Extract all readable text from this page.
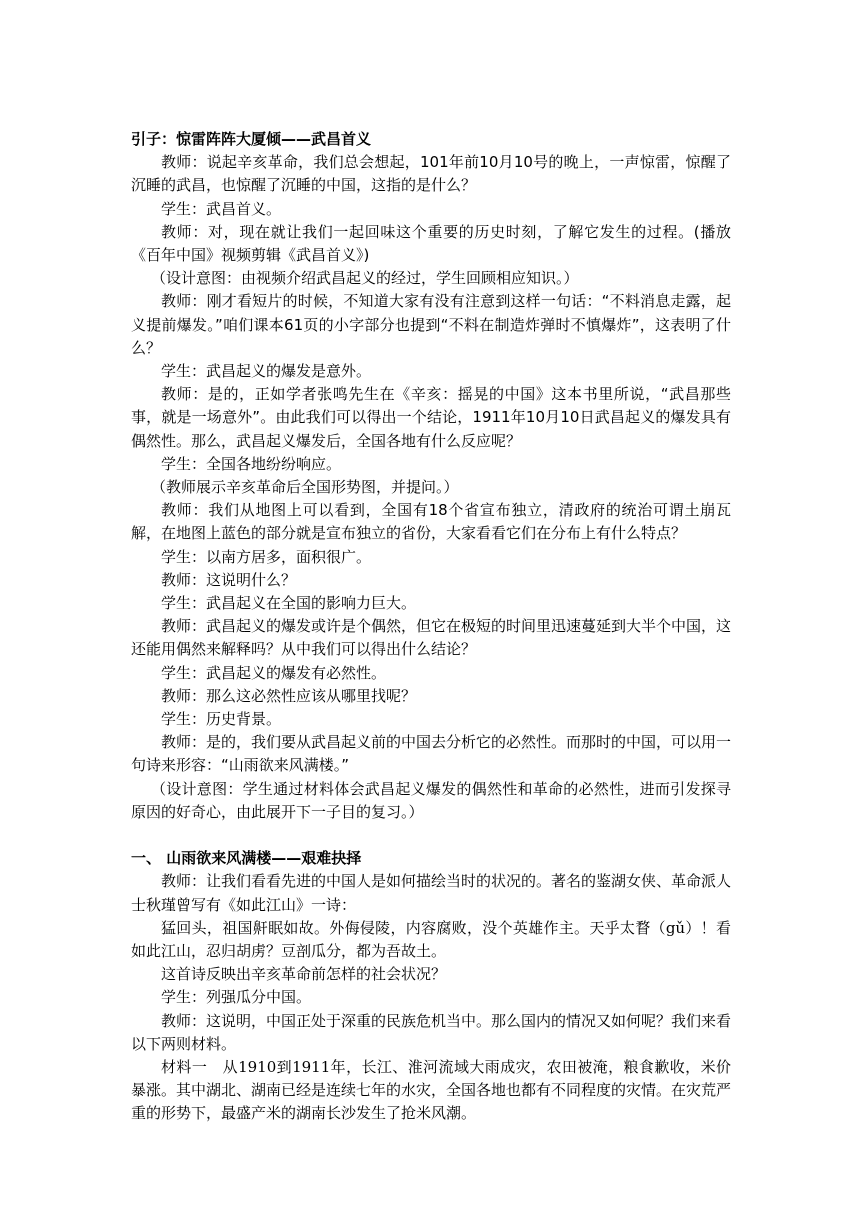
引子：惊雷阵阵大厦倾——武昌首义

教师：说起辛亥革命，我们总会想起，101年前10月10号的晚上，一声惊雷，惊醒了沉睡的武昌，也惊醒了沉睡的中国，这指的是什么？

学生：武昌首义。

教师：对，现在就让我们一起回味这个重要的历史时刻，了解它发生的过程。(播放《百年中国》视频剪辑《武昌首义》)

（设计意图：由视频介绍武昌起义的经过，学生回顾相应知识。）

教师：刚才看短片的时候，不知道大家有没有注意到这样一句话：“不料消息走露，起义提前爆发。”咱们课本61页的小字部分也提到“不料在制造炸弹时不慎爆炸”，这表明了什么？

学生：武昌起义的爆发是意外。

教师：是的，正如学者张鸣先生在《辛亥：摇晃的中国》这本书里所说，“武昌那些事，就是一场意外”。由此我们可以得出一个结论，1911年10月10日武昌起义的爆发具有偶然性。那么，武昌起义爆发后，全国各地有什么反应呢？

学生：全国各地纷纷响应。

（教师展示辛亥革命后全国形势图，并提问。）

教师：我们从地图上可以看到，全国有18个省宣布独立，清政府的统治可谓土崩瓦解，在地图上蓝色的部分就是宣布独立的省份，大家看看它们在分布上有什么特点？

学生：以南方居多，面积很广。

教师：这说明什么？

学生：武昌起义在全国的影响力巨大。

教师：武昌起义的爆发或许是个偶然，但它在极短的时间里迅速蔓延到大半个中国，这还能用偶然来解释吗？从中我们可以得出什么结论？

学生：武昌起义的爆发有必然性。

教师：那么这必然性应该从哪里找呢？

学生：历史背景。

教师：是的，我们要从武昌起义前的中国去分析它的必然性。而那时的中国，可以用一句诗来形容：“山雨欲来风满楼。”

（设计意图：学生通过材料体会武昌起义爆发的偶然性和革命的必然性，进而引发探寻原因的好奇心，由此展开下一子目的复习。）

一、 山雨欲来风满楼——艰难抉择

教师：让我们看看先进的中国人是如何描绘当时的状况的。著名的鉴湖女侠、革命派人士秋瑾曾写有《如此江山》一诗：

猛回头，祖国鼾眠如故。外侮侵陵，内容腐败，没个英雄作主。天乎太瞀（gǔ）！看如此江山，忍归胡虏？豆剖瓜分，都为吾故土。

这首诗反映出辛亥革命前怎样的社会状况？

学生：列强瓜分中国。

教师：这说明，中国正处于深重的民族危机当中。那么国内的情况又如何呢？我们来看以下两则材料。

材料一　从1910到1911年，长江、淮河流域大雨成灾，农田被淹，粮食歉收，米价暴涨。其中湖北、湖南已经是连续七年的水灾，全国各地也都有不同程度的灾情。在灾荒严重的形势下，最盛产米的湖南长沙发生了抢米风潮。
